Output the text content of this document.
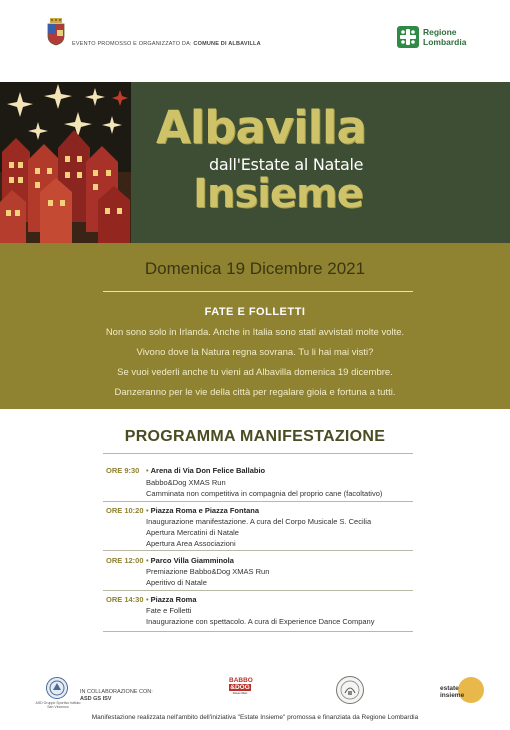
EVENTO PROMOSSO E ORGANIZZATO DA: COMUNE DI ALBAVILLA
Regione
Lombardia
Albavilla
dall'Estate al Natale
Insieme
Domenica 19 Dicembre 2021
FATE E FOLLETTI
Non sono solo in Irlanda. Anche in Italia sono stati avvistati molte volte.
Vivono dove la Natura regna sovrana. Tu li hai mai visti?
Se vuoi vederli anche tu vieni ad Albavilla domenica 19 dicembre.
Danzeranno per le vie della città per regalare gioia e fortuna a tutti.
PROGRAMMA MANIFESTAZIONE
ORE 9:30 • Arena di Via Don Felice Ballabio
Babbo&Dog XMAS Run
Camminata non competitiva in compagnia del proprio cane (facoltativo)
ORE 10:20 • Piazza Roma e Piazza Fontana
Inaugurazione manifestazione. A cura del Corpo Musicale S. Cecilia
Apertura Mercatini di Natale
Apertura Area Associazioni
ORE 12:00 • Parco Villa Giamminola
Premiazione Babbo&Dog XMAS Run
Aperitivo di Natale
ORE 14:30 • Piazza Roma
Fate e Folletti
Inaugurazione con spettacolo. A cura di Experience Dance Company
ASD Gruppo Sportivo Istituto San Vincenzo
IN COLLABORAZIONE CON:
ASD GS ISV
BABBO
&DOG
Xmas Run
estate
insieme
Manifestazione realizzata nell'ambito dell'iniziativa "Estate Insieme" promossa e finanziata da Regione Lombardia
